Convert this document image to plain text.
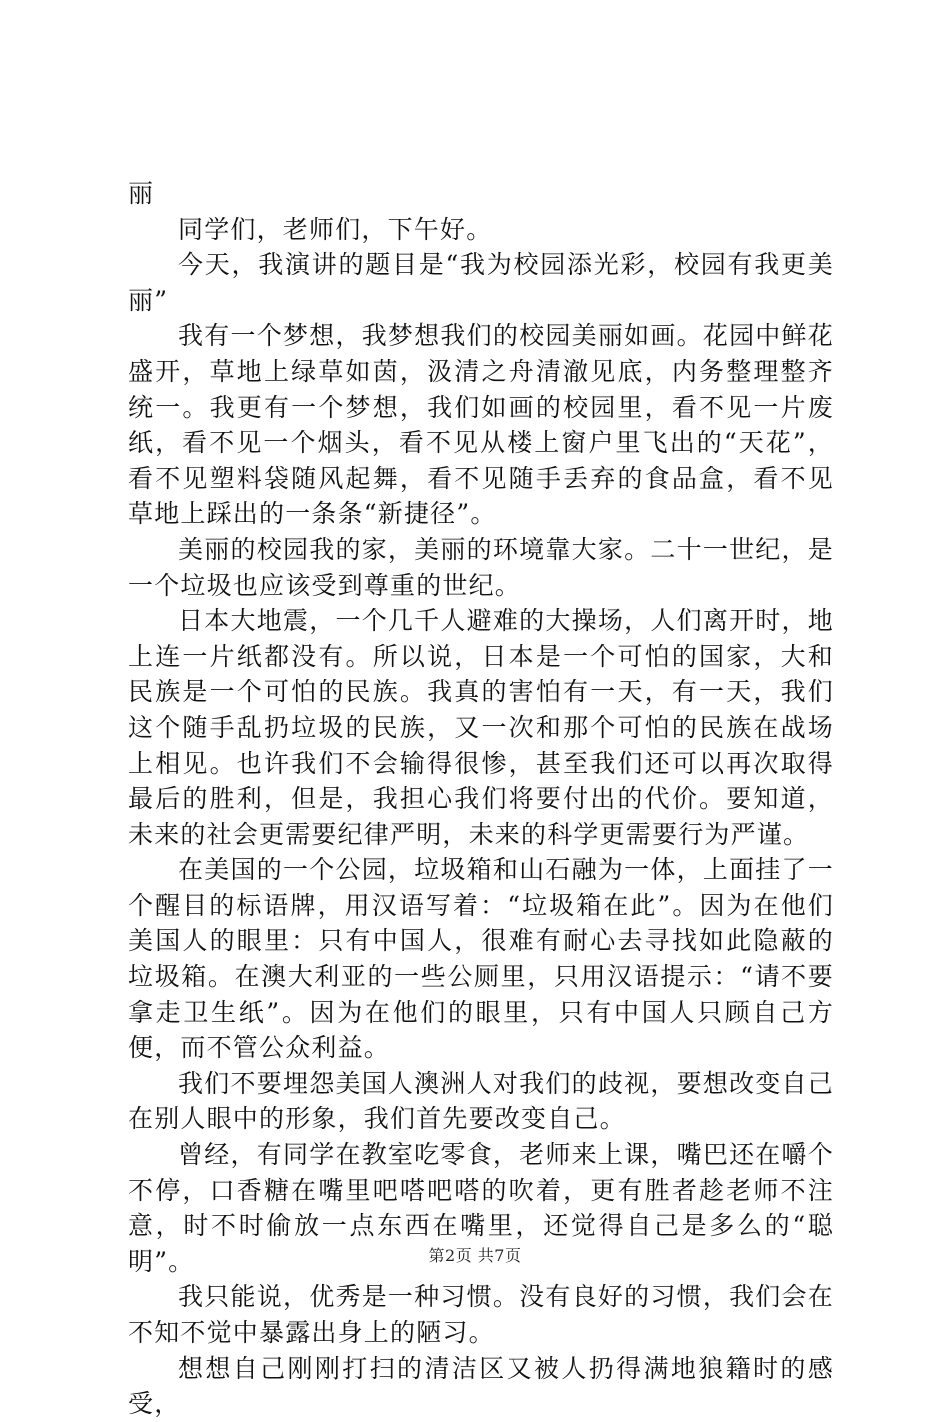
丽

同学们，老师们，下午好。

今天，我演讲的题目是“我为校园添光彩，校园有我更美丽”

我有一个梦想，我梦想我们的校园美丽如画。花园中鲜花盛开，草地上绿草如茵，汲清之舟清澈见底，内务整理整齐统一。我更有一个梦想，我们如画的校园里，看不见一片废纸，看不见一个烟头，看不见从楼上窗户里飞出的“天花”，看不见塑料袋随风起舞，看不见随手丢弃的食品盒，看不见草地上踩出的一条条“新捷径”。

美丽的校园我的家，美丽的环境靠大家。二十一世纪，是一个垃圾也应该受到尊重的世纪。

日本大地震，一个几千人避难的大操场，人们离开时，地上连一片纸都没有。所以说，日本是一个可怕的国家，大和民族是一个可怕的民族。我真的害怕有一天，有一天，我们这个随手乱扔垃圾的民族，又一次和那个可怕的民族在战场上相见。也许我们不会输得很惨，甚至我们还可以再次取得最后的胜利，但是，我担心我们将要付出的代价。要知道，未来的社会更需要纪律严明，未来的科学更需要行为严谨。

在美国的一个公园，垃圾箱和山石融为一体，上面挂了一个醒目的标语牌，用汉语写着：“垃圾箱在此”。因为在他们美国人的眼里：只有中国人，很难有耐心去寻找如此隐蔽的垃圾箱。在澳大利亚的一些公厕里，只用汉语提示：“请不要拿走卫生纸”。因为在他们的眼里，只有中国人只顾自己方便，而不管公众利益。

我们不要埋怨美国人澳洲人对我们的歧视，要想改变自己在别人眼中的形象，我们首先要改变自己。

曾经，有同学在教室吃零食，老师来上课，嘴巴还在嚼个不停，口香糖在嘴里吧嗒吧嗒的吹着，更有胜者趁老师不注意，时不时偷放一点东西在嘴里，还觉得自己是多么的“聪明”。

我只能说，优秀是一种习惯。没有良好的习惯，我们会在不知不觉中暴露出身上的陋习。

想想自己刚刚打扫的清洁区又被人扔得满地狼籍时的感受，

第2页 共7页
